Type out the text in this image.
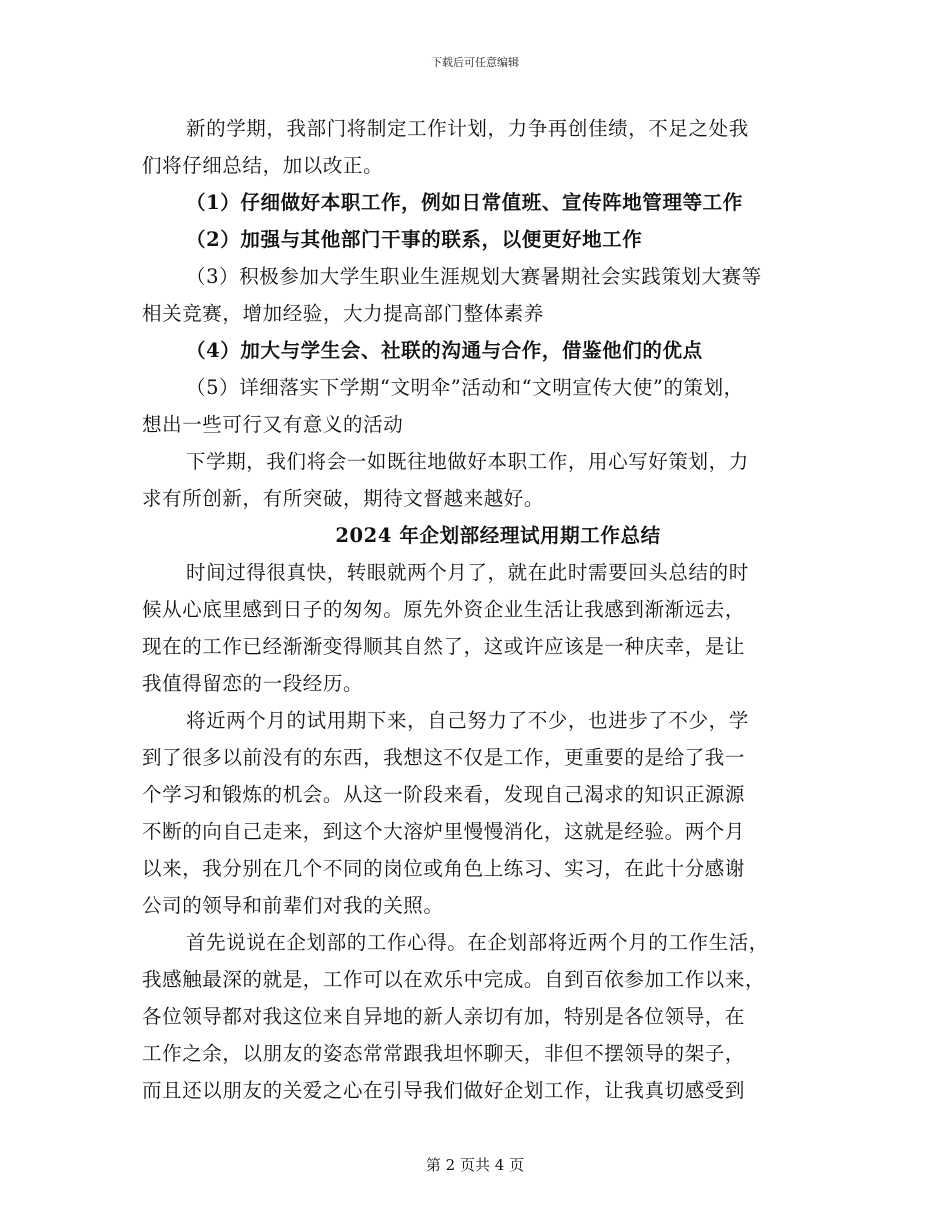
下载后可任意编辑
新的学期，我部门将制定工作计划，力争再创佳绩，不足之处我
们将仔细总结，加以改正。
（1）仔细做好本职工作，例如日常值班、宣传阵地管理等工作
（2）加强与其他部门干事的联系，以便更好地工作
（3）积极参加大学生职业生涯规划大赛暑期社会实践策划大赛等
相关竞赛，增加经验，大力提高部门整体素养
（4）加大与学生会、社联的沟通与合作，借鉴他们的优点
（5）详细落实下学期“文明伞”活动和“文明宣传大使”的策划，
想出一些可行又有意义的活动
下学期，我们将会一如既往地做好本职工作，用心写好策划，力
求有所创新，有所突破，期待文督越来越好。
2024 年企划部经理试用期工作总结
时间过得很真快，转眼就两个月了，就在此时需要回头总结的时
候从心底里感到日子的匆匆。原先外资企业生活让我感到渐渐远去，
现在的工作已经渐渐变得顺其自然了，这或许应该是一种庆幸，是让
我值得留恋的一段经历。
将近两个月的试用期下来，自己努力了不少，也进步了不少，学
到了很多以前没有的东西，我想这不仅是工作，更重要的是给了我一
个学习和锻炼的机会。从这一阶段来看，发现自己渴求的知识正源源
不断的向自己走来，到这个大溶炉里慢慢消化，这就是经验。两个月
以来，我分别在几个不同的岗位或角色上练习、实习，在此十分感谢
公司的领导和前辈们对我的关照。
首先说说在企划部的工作心得。在企划部将近两个月的工作生活，
我感触最深的就是，工作可以在欢乐中完成。自到百依参加工作以来，
各位领导都对我这位来自异地的新人亲切有加，特别是各位领导，在
工作之余，以朋友的姿态常常跟我坦怀聊天，非但不摆领导的架子，
而且还以朋友的关爱之心在引导我们做好企划工作，让我真切感受到
第 2 页共 4 页
